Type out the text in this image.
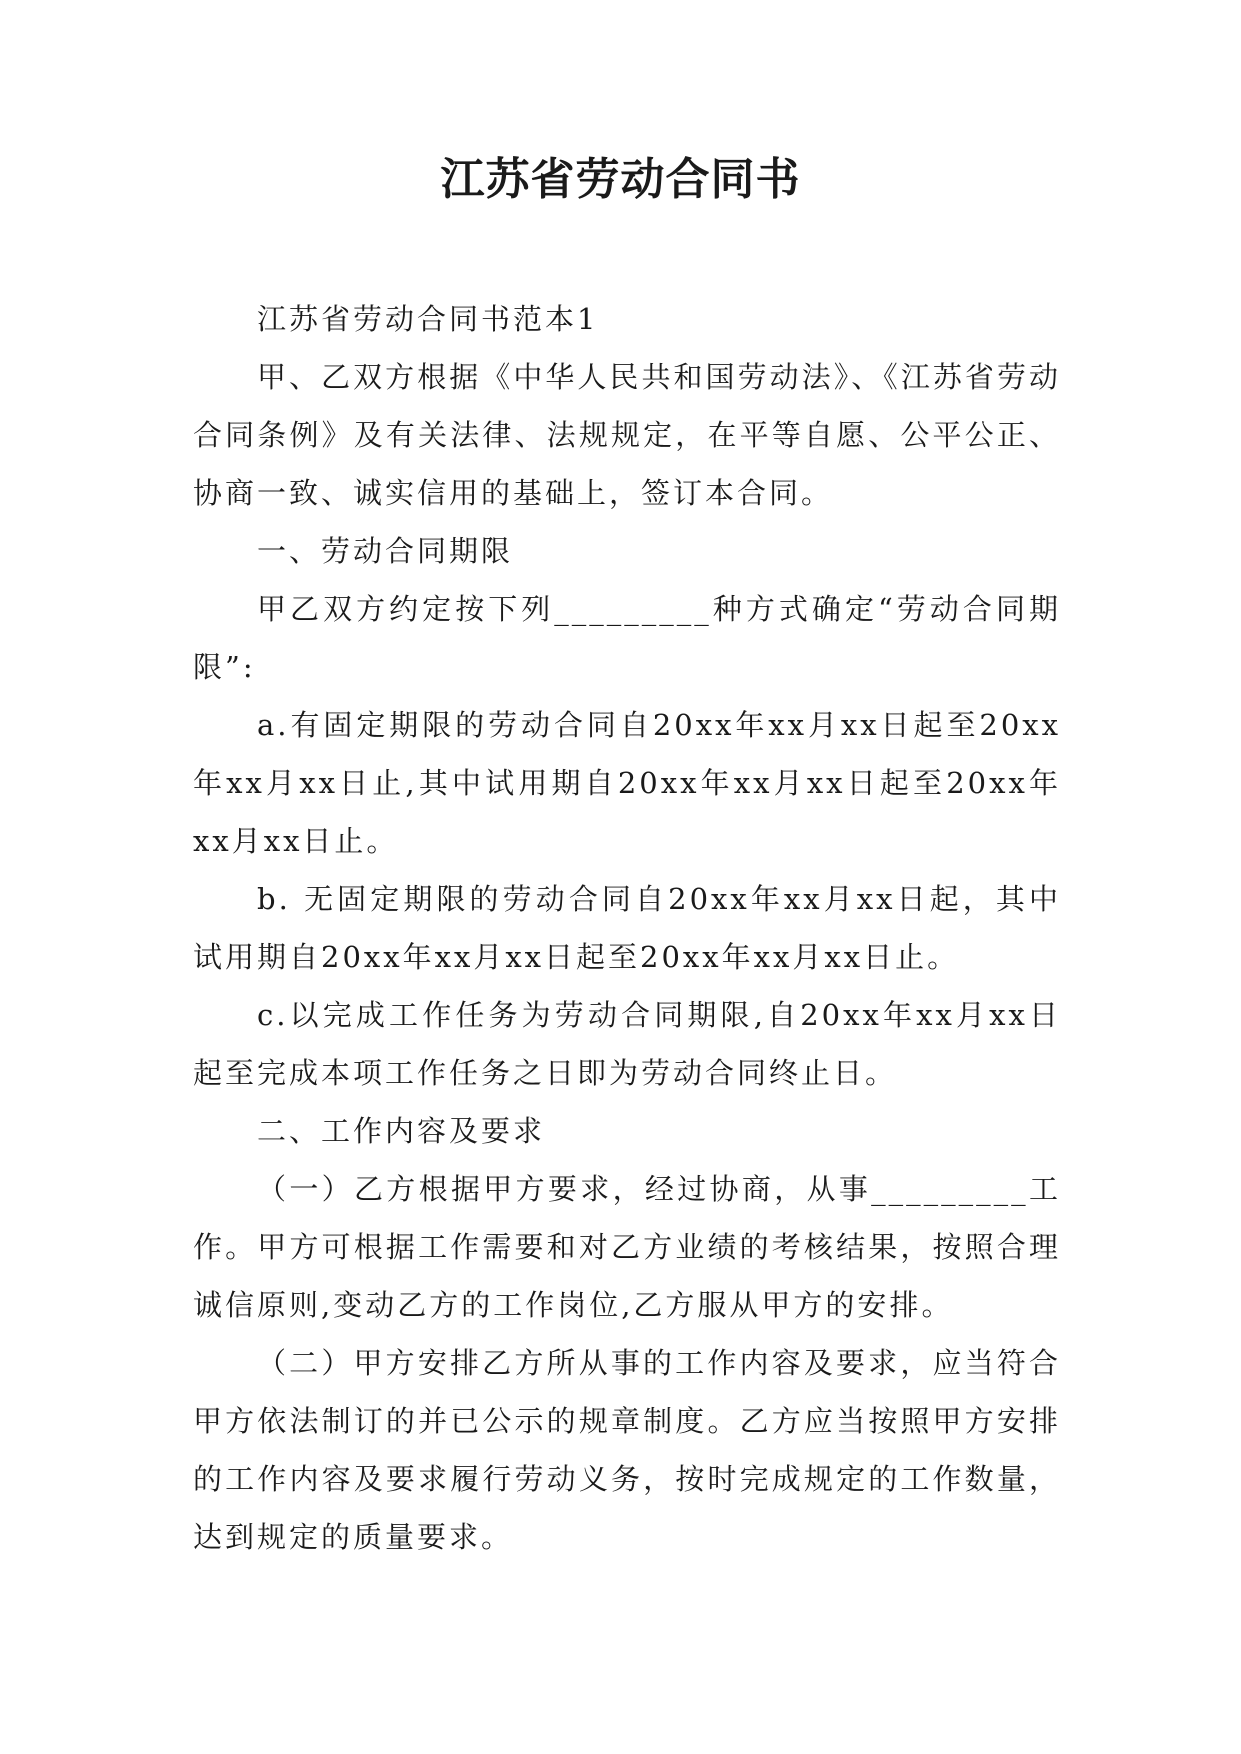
江苏省劳动合同书

江苏省劳动合同书范本1

甲、乙双方根据《中华人民共和国劳动法》、《江苏省劳动合同条例》及有关法律、法规规定，在平等自愿、公平公正、协商一致、诚实信用的基础上，签订本合同。

一、劳动合同期限

甲乙双方约定按下列_________种方式确定“劳动合同期限”:

a.有固定期限的劳动合同自20xx年xx月xx日起至20xx年xx月xx日止,其中试用期自20xx年xx月xx日起至20xx年xx月xx日止。

b. 无固定期限的劳动合同自20xx年xx月xx日起，其中试用期自20xx年xx月xx日起至20xx年xx月xx日止。

c.以完成工作任务为劳动合同期限,自20xx年xx月xx日起至完成本项工作任务之日即为劳动合同终止日。

二、工作内容及要求

（一）乙方根据甲方要求，经过协商，从事_________工作。甲方可根据工作需要和对乙方业绩的考核结果，按照合理诚信原则,变动乙方的工作岗位,乙方服从甲方的安排。

（二）甲方安排乙方所从事的工作内容及要求，应当符合甲方依法制订的并已公示的规章制度。乙方应当按照甲方安排的工作内容及要求履行劳动义务，按时完成规定的工作数量，达到规定的质量要求。
